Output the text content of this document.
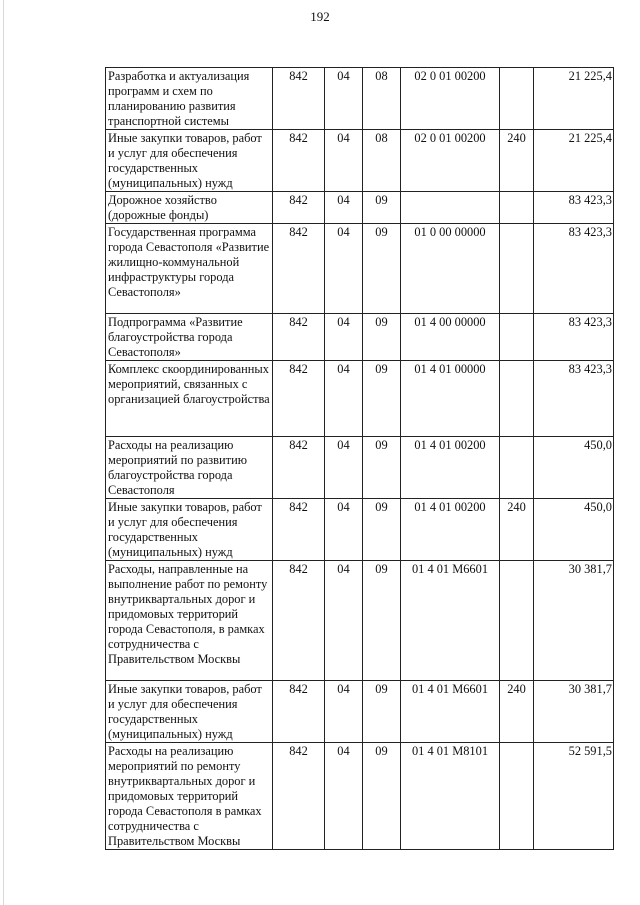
192
Разработка и актуализация программ и схем по планированию развития транспортной системы	842	04	08	02 0 01 00200		21 225,4
Иные закупки товаров, работ и услуг для обеспечения государственных (муниципальных) нужд	842	04	08	02 0 01 00200	240	21 225,4
Дорожное хозяйство (дорожные фонды)	842	04	09			83 423,3
Государственная программа города Севастополя «Развитие жилищно-коммунальной инфраструктуры города Севастополя»	842	04	09	01 0 00 00000		83 423,3
Подпрограмма «Развитие благоустройства города Севастополя»	842	04	09	01 4 00 00000		83 423,3
Комплекс скоординированных мероприятий, связанных с организацией благоустройства	842	04	09	01 4 01 00000		83 423,3
Расходы на реализацию мероприятий по развитию благоустройства города Севастополя	842	04	09	01 4 01 00200		450,0
Иные закупки товаров, работ и услуг для обеспечения государственных (муниципальных) нужд	842	04	09	01 4 01 00200	240	450,0
Расходы, направленные на выполнение работ по ремонту внутриквартальных дорог и придомовых территорий города Севастополя, в рамках сотрудничества с Правительством Москвы	842	04	09	01 4 01 М6601		30 381,7
Иные закупки товаров, работ и услуг для обеспечения государственных (муниципальных) нужд	842	04	09	01 4 01 М6601	240	30 381,7
Расходы на реализацию мероприятий по ремонту внутриквартальных дорог и придомовых территорий города Севастополя в рамках сотрудничества с Правительством Москвы	842	04	09	01 4 01 М8101		52 591,5
